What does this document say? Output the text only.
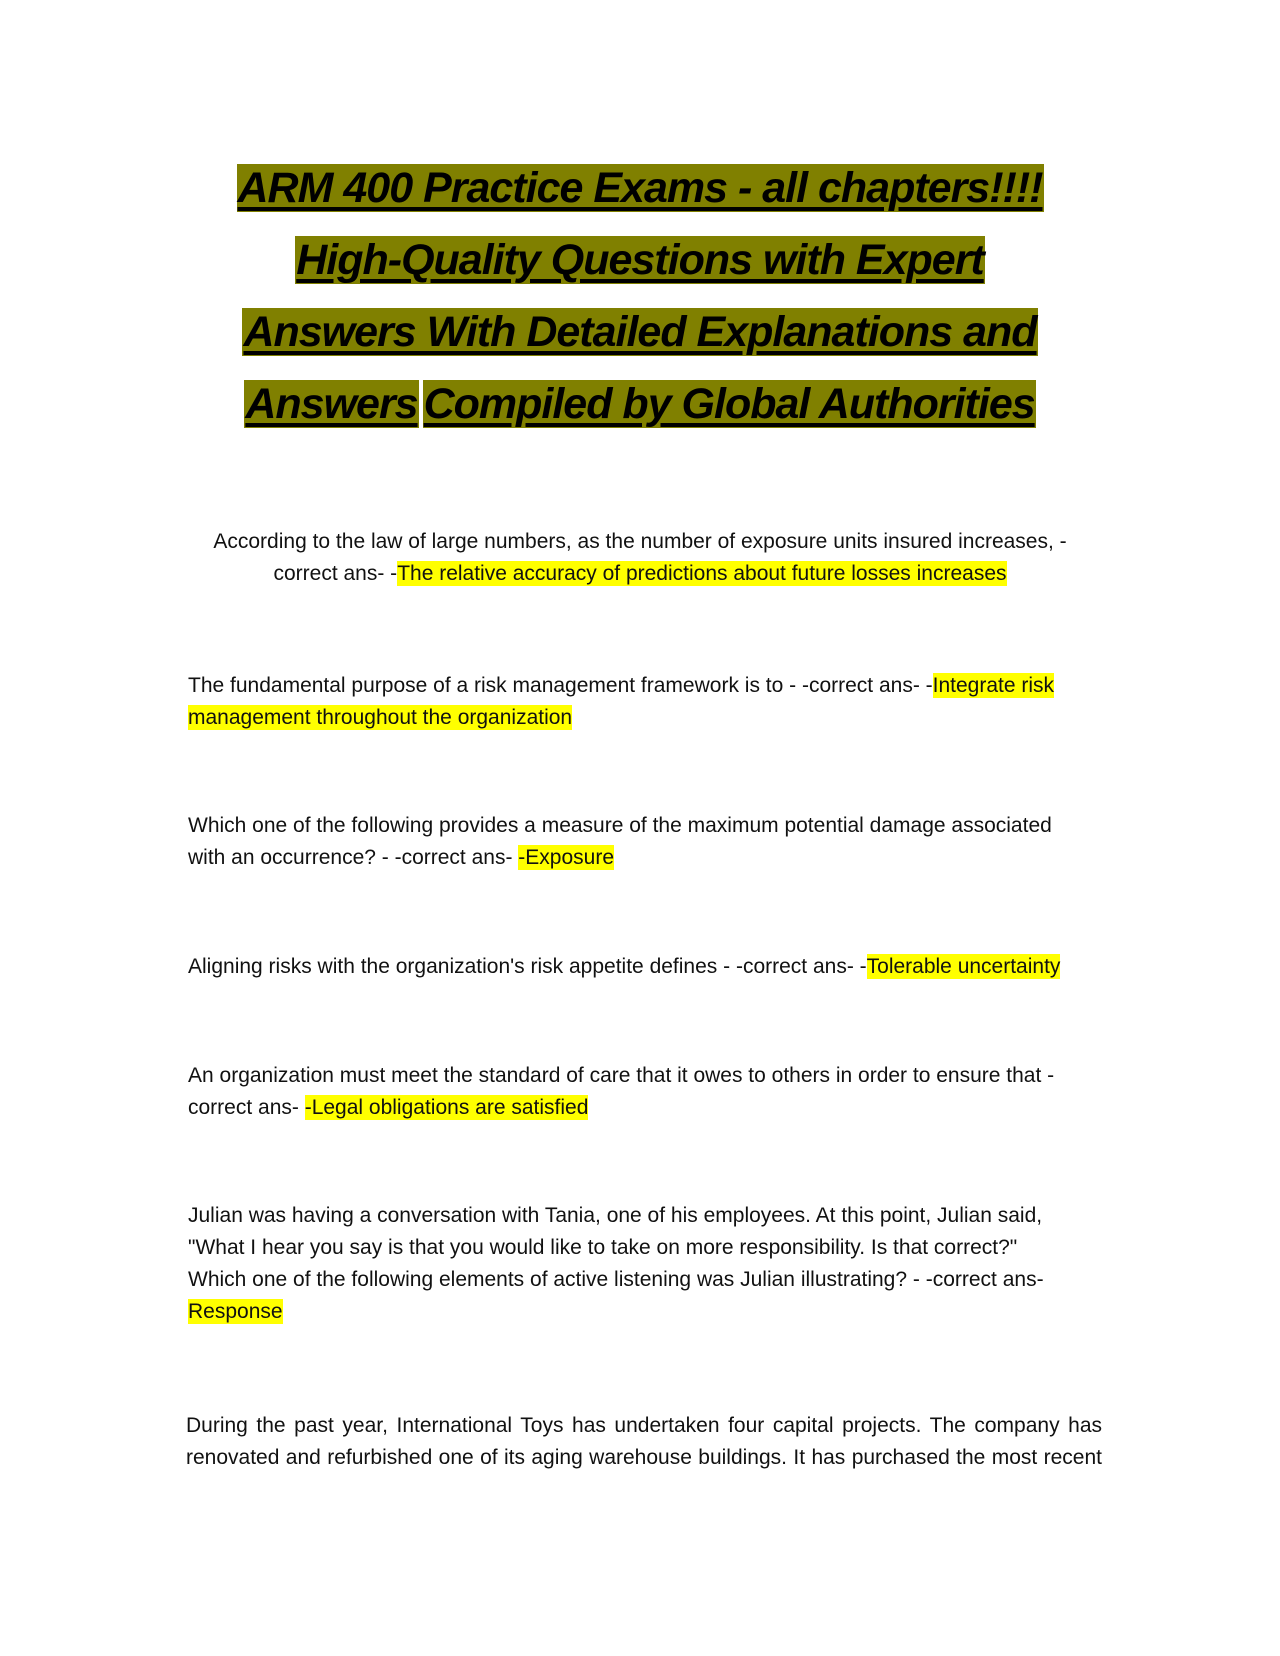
ARM 400 Practice Exams - all chapters!!!!
High-Quality Questions with Expert
Answers With Detailed Explanations and
Answers Compiled by Global Authorities
According to the law of large numbers, as the number of exposure units insured increases, -
correct ans- -The relative accuracy of predictions about future losses increases
The fundamental purpose of a risk management framework is to - -correct ans- -Integrate risk
management throughout the organization
Which one of the following provides a measure of the maximum potential damage associated
with an occurrence? - -correct ans- -Exposure
Aligning risks with the organization's risk appetite defines - -correct ans- -Tolerable uncertainty
An organization must meet the standard of care that it owes to others in order to ensure that -
correct ans- -Legal obligations are satisfied
Julian was having a conversation with Tania, one of his employees. At this point, Julian said,
"What I hear you say is that you would like to take on more responsibility. Is that correct?"
Which one of the following elements of active listening was Julian illustrating? - -correct ans-
Response
During the past year, International Toys has undertaken four capital projects. The company has
renovated and refurbished one of its aging warehouse buildings. It has purchased the most recent
